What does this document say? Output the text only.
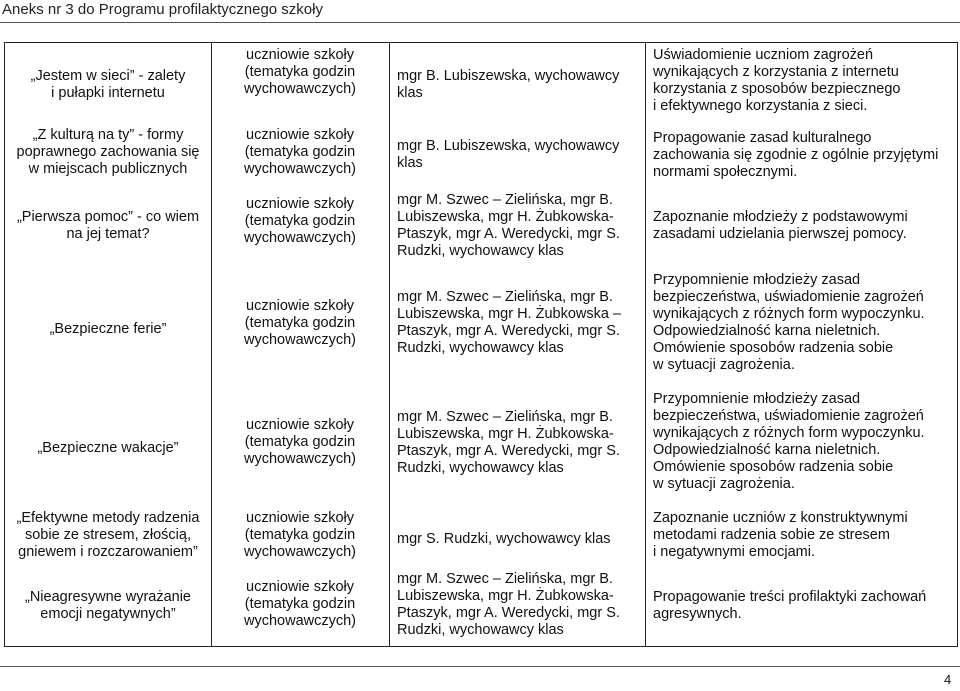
Aneks nr 3 do Programu profilaktycznego szkoły
„Jestem w sieci” - zalety
i pułapki internetu
uczniowie szkoły
(tematyka godzin
wychowawczych)
mgr B. Lubiszewska, wychowawcy
klas
Uświadomienie uczniom zagrożeń
wynikających z korzystania z internetu
korzystania z sposobów bezpiecznego
i efektywnego korzystania z sieci.
„Z kulturą na ty” - formy
poprawnego zachowania się
w miejscach publicznych
uczniowie szkoły
(tematyka godzin
wychowawczych)
mgr B. Lubiszewska, wychowawcy
klas
Propagowanie zasad kulturalnego
zachowania się zgodnie z ogólnie przyjętymi
normami społecznymi.
„Pierwsza pomoc” - co wiem
na jej temat?
uczniowie szkoły
(tematyka godzin
wychowawczych)
mgr M. Szwec – Zielińska, mgr B.
Lubiszewska, mgr H. Żubkowska-
Ptaszyk, mgr A. Weredycki, mgr S.
Rudzki, wychowawcy klas
Zapoznanie młodzieży z podstawowymi
zasadami udzielania pierwszej pomocy.
„Bezpieczne ferie”
uczniowie szkoły
(tematyka godzin
wychowawczych)
mgr M. Szwec – Zielińska, mgr B.
Lubiszewska, mgr H. Żubkowska –
Ptaszyk, mgr A. Weredycki, mgr S.
Rudzki, wychowawcy klas
Przypomnienie młodzieży zasad
bezpieczeństwa, uświadomienie zagrożeń
wynikających z różnych form wypoczynku.
Odpowiedzialność karna nieletnich.
Omówienie sposobów radzenia sobie
w sytuacji zagrożenia.
„Bezpieczne wakacje”
uczniowie szkoły
(tematyka godzin
wychowawczych)
mgr M. Szwec – Zielińska, mgr B.
Lubiszewska, mgr H. Żubkowska-
Ptaszyk, mgr A. Weredycki, mgr S.
Rudzki, wychowawcy klas
Przypomnienie młodzieży zasad
bezpieczeństwa, uświadomienie zagrożeń
wynikających z różnych form wypoczynku.
Odpowiedzialność karna nieletnich.
Omówienie sposobów radzenia sobie
w sytuacji zagrożenia.
„Efektywne metody radzenia
sobie ze stresem, złością,
gniewem i rozczarowaniem”
uczniowie szkoły
(tematyka godzin
wychowawczych)
mgr S. Rudzki, wychowawcy klas
Zapoznanie uczniów z konstruktywnymi
metodami radzenia sobie ze stresem
i negatywnymi emocjami.
„Nieagresywne wyrażanie
emocji negatywnych”
uczniowie szkoły
(tematyka godzin
wychowawczych)
mgr M. Szwec – Zielińska, mgr B.
Lubiszewska, mgr H. Żubkowska-
Ptaszyk, mgr A. Weredycki, mgr S.
Rudzki, wychowawcy klas
Propagowanie treści profilaktyki zachowań
agresywnych.
4
